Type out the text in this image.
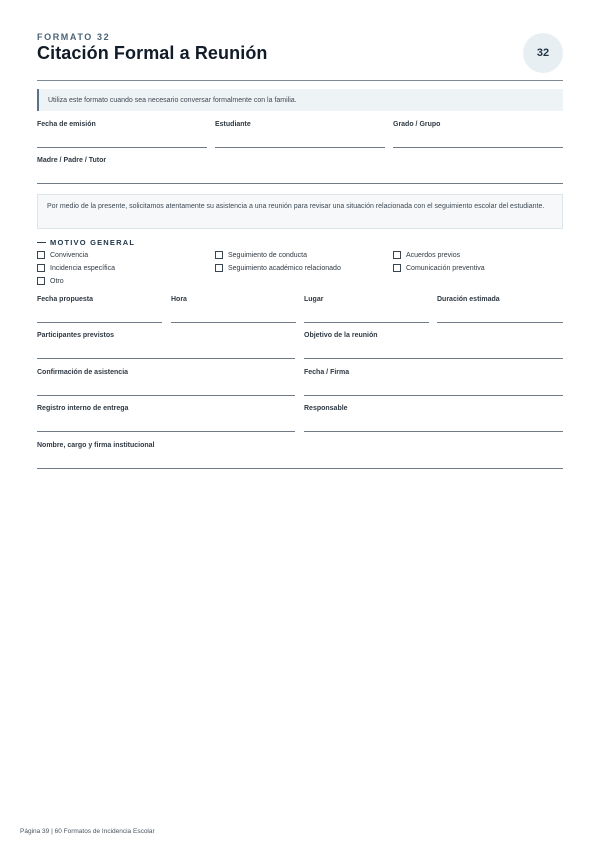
FORMATO 32
Citación Formal a Reunión	32
Utiliza este formato cuando sea necesario conversar formalmente con la familia.
Fecha de emisión	Estudiante	Grado / Grupo
Madre / Padre / Tutor
Por medio de la presente, solicitamos atentamente su asistencia a una reunión para revisar una situación relacionada con el seguimiento escolar del estudiante.
MOTIVO GENERAL
Convivencia	Seguimiento de conducta	Acuerdos previos
Incidencia específica	Seguimiento académico relacionado	Comunicación preventiva
Otro
Fecha propuesta	Hora	Lugar	Duración estimada
Participantes previstos	Objetivo de la reunión
Confirmación de asistencia	Fecha / Firma
Registro interno de entrega	Responsable
Nombre, cargo y firma institucional
Página 39 | 60 Formatos de Incidencia Escolar
